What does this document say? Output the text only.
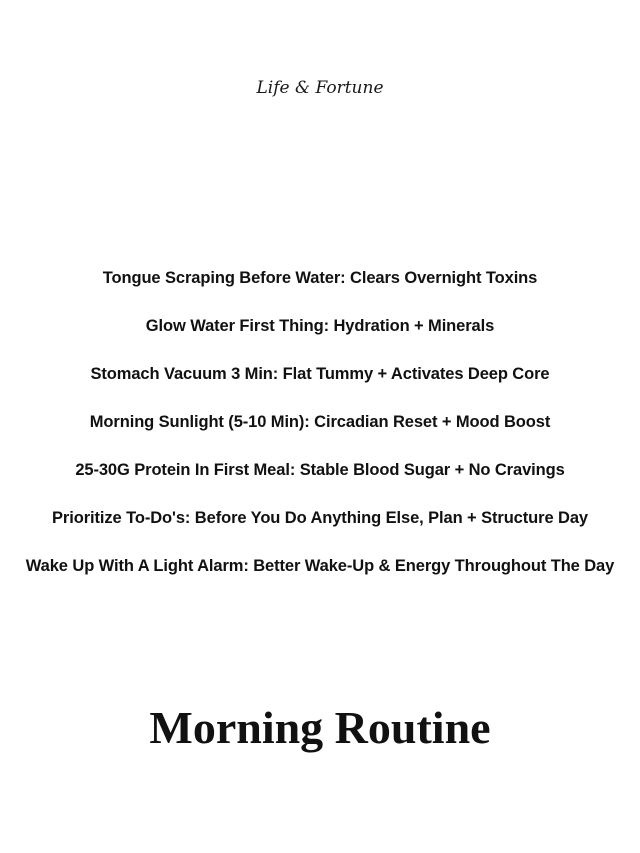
Life & Fortune
Tongue Scraping Before Water: Clears Overnight Toxins
Glow Water First Thing: Hydration + Minerals
Stomach Vacuum 3 Min: Flat Tummy + Activates Deep Core
Morning Sunlight (5-10 Min): Circadian Reset + Mood Boost
25-30G Protein In First Meal: Stable Blood Sugar + No Cravings
Prioritize To-Do's: Before You Do Anything Else, Plan + Structure Day
Wake Up With A Light Alarm: Better Wake-Up & Energy Throughout The Day
Morning Routine
